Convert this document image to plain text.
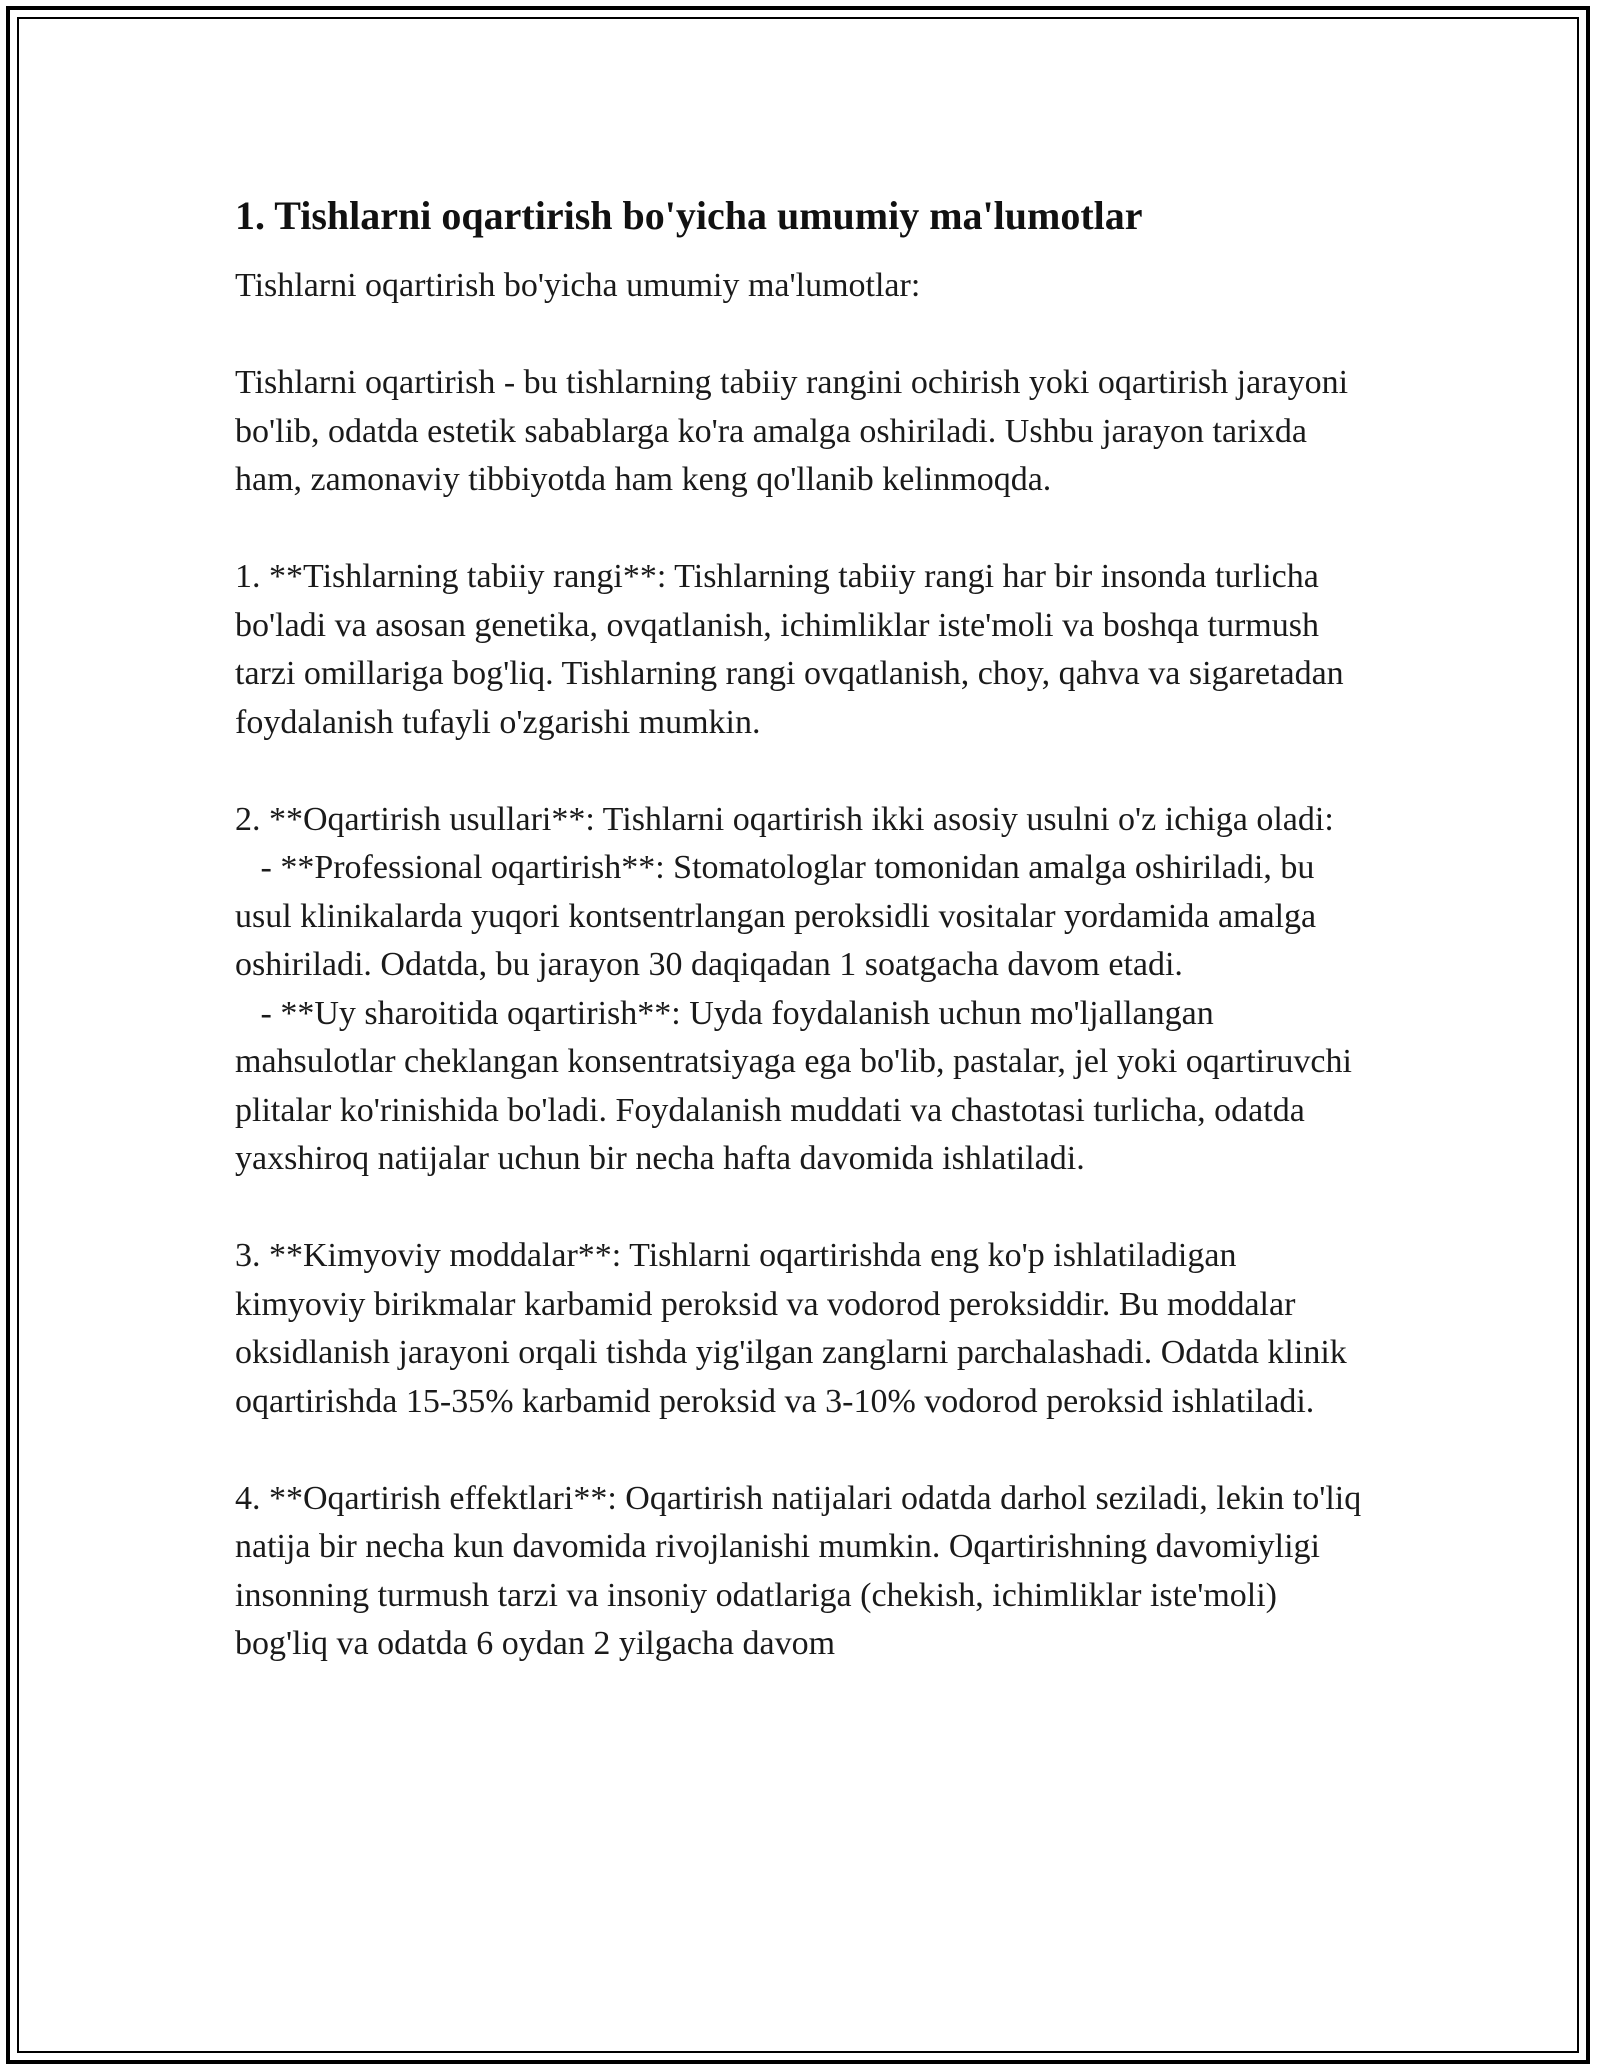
1. Tishlarni oqartirish bo'yicha umumiy ma'lumotlar

Tishlarni oqartirish bo'yicha umumiy ma'lumotlar:

Tishlarni oqartirish - bu tishlarning tabiiy rangini ochirish yoki oqartirish jarayoni bo'lib, odatda estetik sabablarga ko'ra amalga oshiriladi. Ushbu jarayon tarixda ham, zamonaviy tibbiyotda ham keng qo'llanib kelinmoqda.

1. **Tishlarning tabiiy rangi**: Tishlarning tabiiy rangi har bir insonda turlicha bo'ladi va asosan genetika, ovqatlanish, ichimliklar iste'moli va boshqa turmush tarzi omillariga bog'liq. Tishlarning rangi ovqatlanish, choy, qahva va sigaretadan foydalanish tufayli o'zgarishi mumkin.

2. **Oqartirish usullari**: Tishlarni oqartirish ikki asosiy usulni o'z ichiga oladi:
- **Professional oqartirish**: Stomatologlar tomonidan amalga oshiriladi, bu usul klinikalarda yuqori kontsentrlangan peroksidli vositalar yordamida amalga oshiriladi. Odatda, bu jarayon 30 daqiqadan 1 soatgacha davom etadi.
- **Uy sharoitida oqartirish**: Uyda foydalanish uchun mo'ljallangan mahsulotlar cheklangan konsentratsiyaga ega bo'lib, pastalar, jel yoki oqartiruvchi plitalar ko'rinishida bo'ladi. Foydalanish muddati va chastotasi turlicha, odatda yaxshiroq natijalar uchun bir necha hafta davomida ishlatiladi.

3. **Kimyoviy moddalar**: Tishlarni oqartirishda eng ko'p ishlatiladigan kimyoviy birikmalar karbamid peroksid va vodorod peroksiddir. Bu moddalar oksidlanish jarayoni orqali tishda yig'ilgan zanglarni parchalashadi. Odatda klinik oqartirishda 15-35% karbamid peroksid va 3-10% vodorod peroksid ishlatiladi.

4. **Oqartirish effektlari**: Oqartirish natijalari odatda darhol seziladi, lekin to'liq natija bir necha kun davomida rivojlanishi mumkin. Oqartirishning davomiyligi insonning turmush tarzi va insoniy odatlariga (chekish, ichimliklar iste'moli) bog'liq va odatda 6 oydan 2 yilgacha davom
